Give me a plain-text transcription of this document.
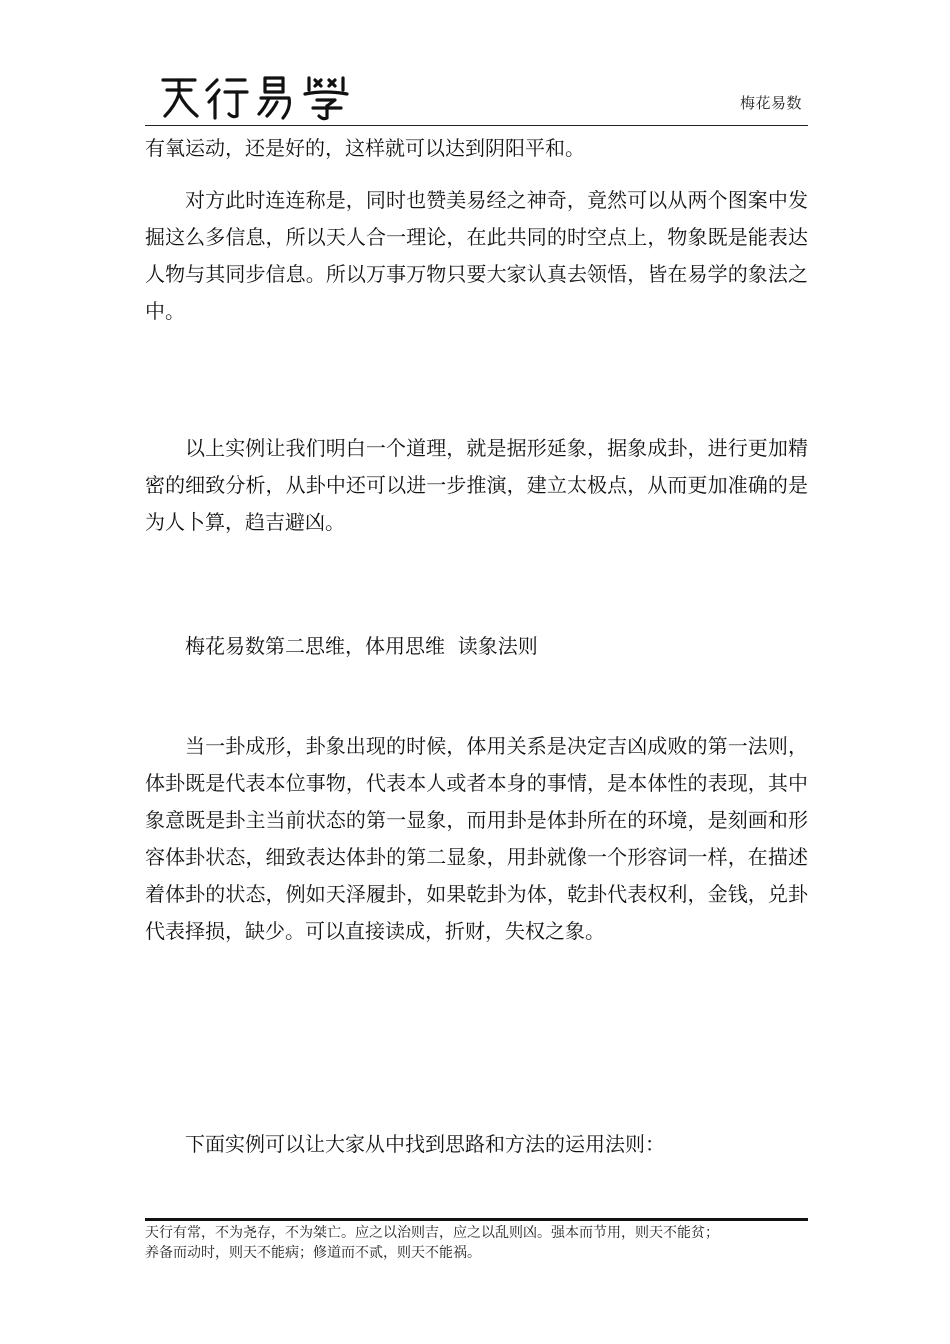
梅花易数

有氧运动，还是好的，这样就可以达到阴阳平和。

对方此时连连称是，同时也赞美易经之神奇，竟然可以从两个图案中发掘这么多信息，所以天人合一理论，在此共同的时空点上，物象既是能表达人物与其同步信息。所以万事万物只要大家认真去领悟，皆在易学的象法之中。

以上实例让我们明白一个道理，就是据形延象，据象成卦，进行更加精密的细致分析，从卦中还可以进一步推演，建立太极点，从而更加准确的是为人卜算，趋吉避凶。

梅花易数第二思维，体用思维  读象法则

当一卦成形，卦象出现的时候，体用关系是决定吉凶成败的第一法则，体卦既是代表本位事物，代表本人或者本身的事情，是本体性的表现，其中象意既是卦主当前状态的第一显象，而用卦是体卦所在的环境，是刻画和形容体卦状态，细致表达体卦的第二显象，用卦就像一个形容词一样，在描述着体卦的状态，例如天泽履卦，如果乾卦为体，乾卦代表权利，金钱，兑卦代表择损，缺少。可以直接读成，折财，失权之象。

下面实例可以让大家从中找到思路和方法的运用法则：

天行有常，不为尧存，不为桀亡。应之以治则吉，应之以乱则凶。强本而节用，则天不能贫；
养备而动时，则天不能病；修道而不贰，则天不能祸。
